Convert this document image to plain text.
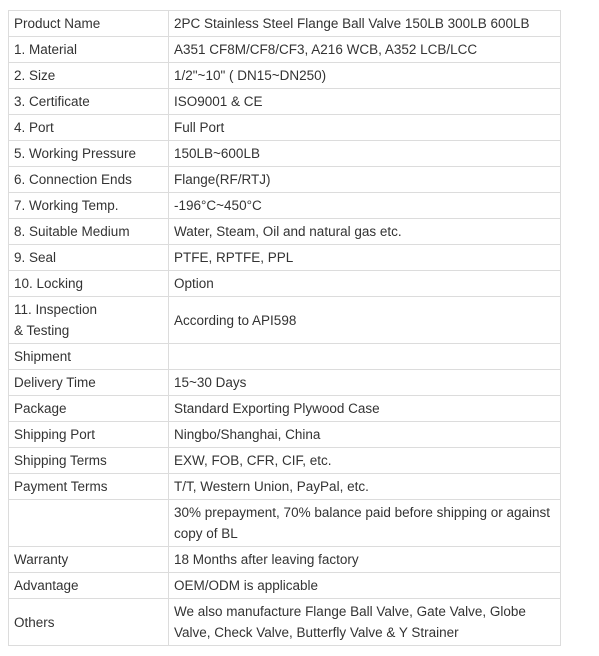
Product Name	2PC Stainless Steel Flange Ball Valve 150LB 300LB 600LB
1. Material	A351 CF8M/CF8/CF3, A216 WCB, A352 LCB/LCC
2. Size	1/2"~10" ( DN15~DN250)
3. Certificate	ISO9001 & CE
4. Port	Full Port
5. Working Pressure	150LB~600LB
6. Connection Ends	Flange(RF/RTJ)
7. Working Temp.	-196°C~450°C
8. Suitable Medium	Water, Steam, Oil and natural gas etc.
9. Seal	PTFE, RPTFE, PPL
10. Locking	Option
11. Inspection
& Testing	According to API598
Shipment	
Delivery Time	15~30 Days
Package	Standard Exporting Plywood Case
Shipping Port	Ningbo/Shanghai, China
Shipping Terms	EXW, FOB, CFR, CIF, etc.
Payment Terms	T/T, Western Union, PayPal, etc.
	30% prepayment, 70% balance paid before shipping or against copy of BL
Warranty	18 Months after leaving factory
Advantage	OEM/ODM is applicable
Others	We also manufacture Flange Ball Valve, Gate Valve, Globe Valve, Check Valve, Butterfly Valve & Y Strainer
